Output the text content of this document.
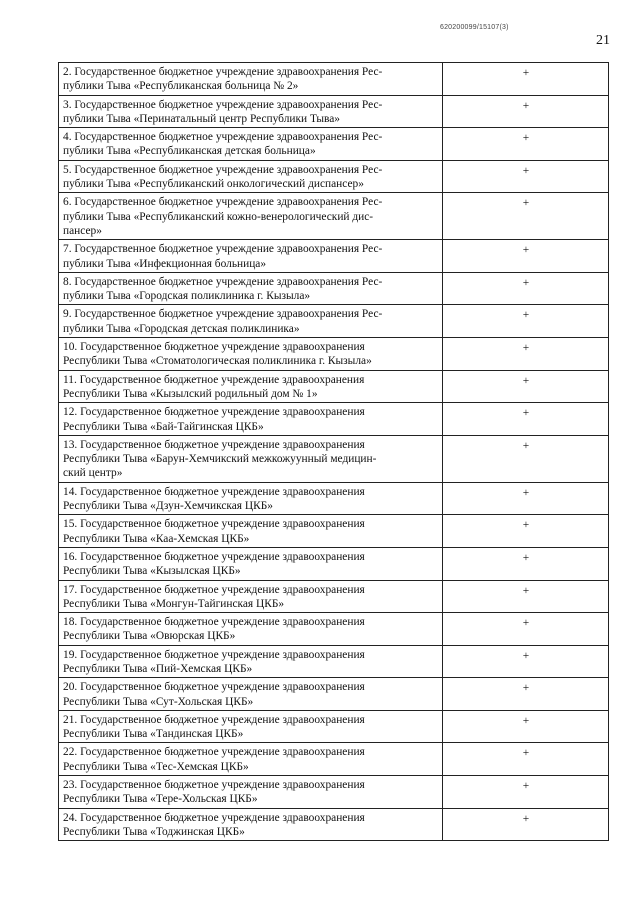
620200099/15107(3)
21
2. Государственное бюджетное учреждение здравоохранения Рес-
публики Тыва «Республиканская больница № 2»	+

3. Государственное бюджетное учреждение здравоохранения Рес-
публики Тыва «Перинатальный центр Республики Тыва»	+

4. Государственное бюджетное учреждение здравоохранения Рес-
публики Тыва «Республиканская детская больница»	+

5. Государственное бюджетное учреждение здравоохранения Рес-
публики Тыва «Республиканский онкологический диспансер»	+

6. Государственное бюджетное учреждение здравоохранения Рес-
публики Тыва «Республиканский кожно-венерологический дис-
пансер»	+

7. Государственное бюджетное учреждение здравоохранения Рес-
публики Тыва «Инфекционная больница»	+

8. Государственное бюджетное учреждение здравоохранения Рес-
публики Тыва «Городская поликлиника г. Кызыла»	+

9. Государственное бюджетное учреждение здравоохранения Рес-
публики Тыва «Городская детская поликлиника»	+

10. Государственное бюджетное учреждение здравоохранения
Республики Тыва «Стоматологическая поликлиника г. Кызыла»	+

11. Государственное бюджетное учреждение здравоохранения
Республики Тыва «Кызылский родильный дом № 1»	+

12. Государственное бюджетное учреждение здравоохранения
Республики Тыва «Бай-Тайгинская ЦКБ»	+

13. Государственное бюджетное учреждение здравоохранения
Республики Тыва «Барун-Хемчикский межкожуунный медицин-
ский центр»	+

14. Государственное бюджетное учреждение здравоохранения
Республики Тыва «Дзун-Хемчикская ЦКБ»	+

15. Государственное бюджетное учреждение здравоохранения
Республики Тыва «Каа-Хемская ЦКБ»	+

16. Государственное бюджетное учреждение здравоохранения
Республики Тыва «Кызылская ЦКБ»	+

17. Государственное бюджетное учреждение здравоохранения
Республики Тыва «Монгун-Тайгинская ЦКБ»	+

18. Государственное бюджетное учреждение здравоохранения
Республики Тыва «Овюрская ЦКБ»	+

19. Государственное бюджетное учреждение здравоохранения
Республики Тыва «Пий-Хемская ЦКБ»	+

20. Государственное бюджетное учреждение здравоохранения
Республики Тыва «Сут-Хольская ЦКБ»	+

21. Государственное бюджетное учреждение здравоохранения
Республики Тыва «Тандинская ЦКБ»	+

22. Государственное бюджетное учреждение здравоохранения
Республики Тыва «Тес-Хемская ЦКБ»	+

23. Государственное бюджетное учреждение здравоохранения
Республики Тыва «Тере-Хольская ЦКБ»	+

24. Государственное бюджетное учреждение здравоохранения
Республики Тыва «Тоджинская ЦКБ»	+
